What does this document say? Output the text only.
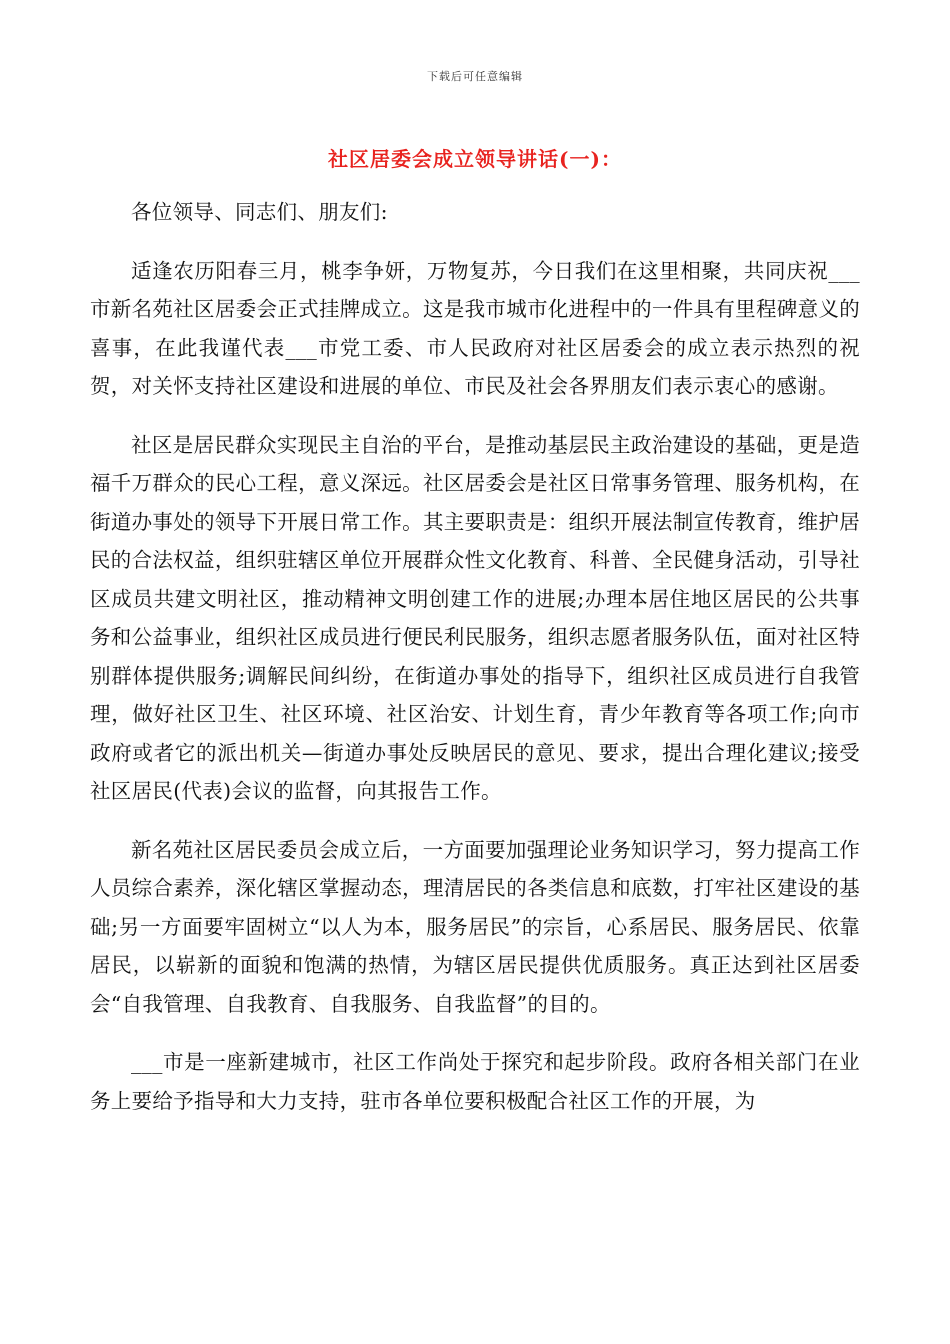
下载后可任意编辑
社区居委会成立领导讲话(一)：

各位领导、同志们、朋友们:

适逢农历阳春三月，桃李争妍，万物复苏，今日我们在这里相聚，共同庆祝___市新名苑社区居委会正式挂牌成立。这是我市城市化进程中的一件具有里程碑意义的喜事，在此我谨代表___市党工委、市人民政府对社区居委会的成立表示热烈的祝贺，对关怀支持社区建设和进展的单位、市民及社会各界朋友们表示衷心的感谢。

社区是居民群众实现民主自治的平台，是推动基层民主政治建设的基础，更是造福千万群众的民心工程，意义深远。社区居委会是社区日常事务管理、服务机构，在街道办事处的领导下开展日常工作。其主要职责是：组织开展法制宣传教育，维护居民的合法权益，组织驻辖区单位开展群众性文化教育、科普、全民健身活动，引导社区成员共建文明社区，推动精神文明创建工作的进展;办理本居住地区居民的公共事务和公益事业，组织社区成员进行便民利民服务，组织志愿者服务队伍，面对社区特别群体提供服务;调解民间纠纷，在街道办事处的指导下，组织社区成员进行自我管理，做好社区卫生、社区环境、社区治安、计划生育，青少年教育等各项工作;向市政府或者它的派出机关—街道办事处反映居民的意见、要求，提出合理化建议;接受社区居民(代表)会议的监督，向其报告工作。

新名苑社区居民委员会成立后，一方面要加强理论业务知识学习，努力提高工作人员综合素养，深化辖区掌握动态，理清居民的各类信息和底数，打牢社区建设的基础;另一方面要牢固树立“以人为本，服务居民”的宗旨，心系居民、服务居民、依靠居民，以崭新的面貌和饱满的热情，为辖区居民提供优质服务。真正达到社区居委会“自我管理、自我教育、自我服务、自我监督”的目的。

___市是一座新建城市，社区工作尚处于探究和起步阶段。政府各相关部门在业务上要给予指导和大力支持，驻市各单位要积极配合社区工作的开展，为
